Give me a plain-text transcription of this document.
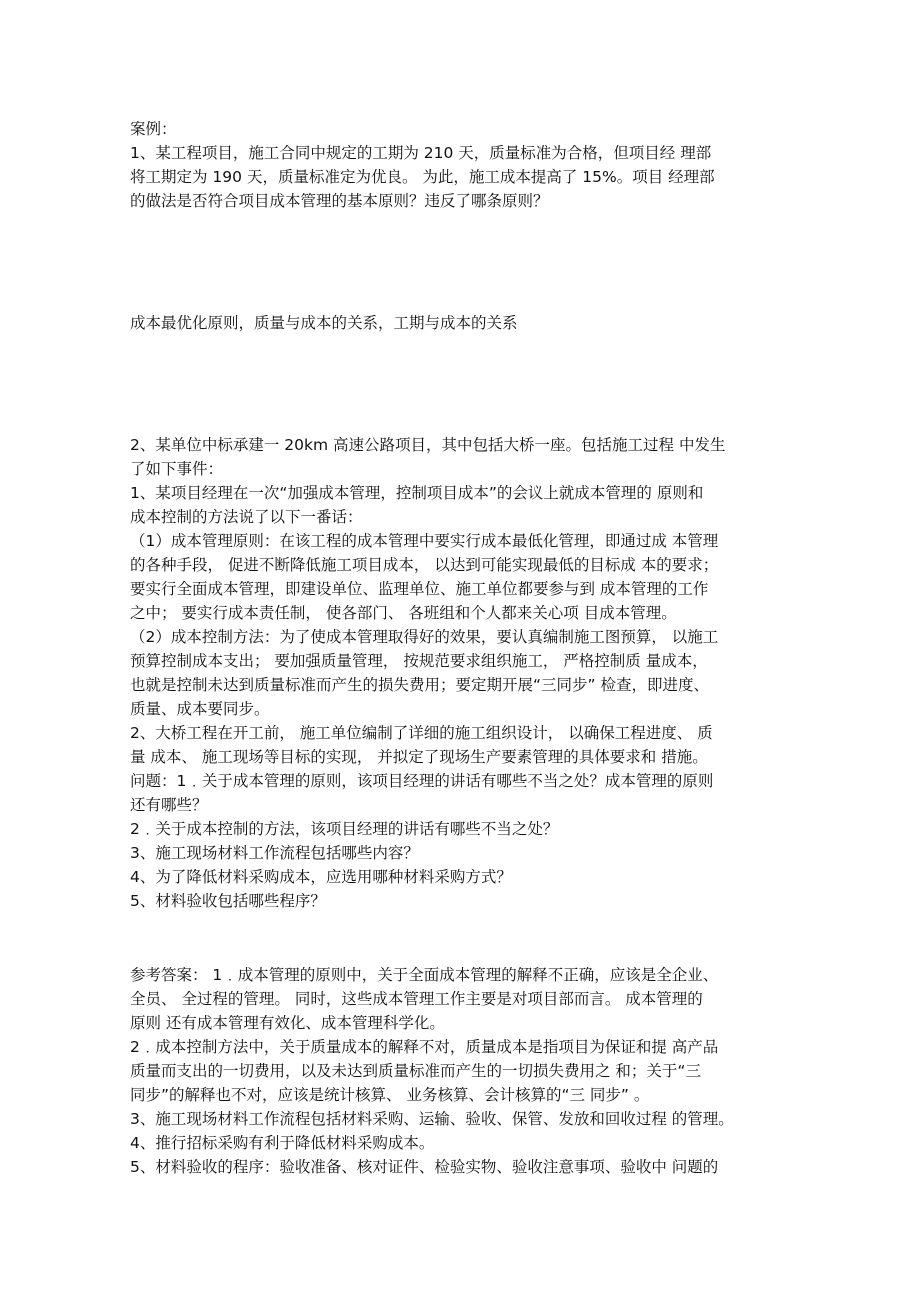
案例：
1、某工程项目，施工合同中规定的工期为 210 天，质量标准为合格，但项目经 理部
将工期定为 190 天，质量标准定为优良。 为此，施工成本提高了 15%。项目 经理部
的做法是否符合项目成本管理的基本原则？违反了哪条原则？
成本最优化原则，质量与成本的关系，工期与成本的关系
2、某单位中标承建一 20km 高速公路项目，其中包括大桥一座。包括施工过程 中发生
了如下事件：
1、某项目经理在一次“加强成本管理，控制项目成本”的会议上就成本管理的 原则和
成本控制的方法说了以下一番话：
（1）成本管理原则：在该工程的成本管理中要实行成本最低化管理，即通过成 本管理
的各种手段， 促进不断降低施工项目成本， 以达到可能实现最低的目标成 本的要求；
要实行全面成本管理，即建设单位、监理单位、施工单位都要参与到 成本管理的工作
之中； 要实行成本责任制， 使各部门、 各班组和个人都来关心项 目成本管理。
（2）成本控制方法：为了使成本管理取得好的效果，要认真编制施工图预算， 以施工
预算控制成本支出； 要加强质量管理， 按规范要求组织施工， 严格控制质 量成本，
也就是控制未达到质量标准而产生的损失费用；要定期开展“三同步” 检查，即进度、
质量、成本要同步。
2、大桥工程在开工前， 施工单位编制了详细的施工组织设计， 以确保工程进度、 质
量 成本、 施工现场等目标的实现， 并拟定了现场生产要素管理的具体要求和 措施。
问题：1﹒关于成本管理的原则，该项目经理的讲话有哪些不当之处？成本管理的原则
还有哪些？
2﹒关于成本控制的方法，该项目经理的讲话有哪些不当之处？
3、施工现场材料工作流程包括哪些内容？
4、为了降低材料采购成本，应选用哪种材料采购方式？
5、材料验收包括哪些程序？
参考答案： 1﹒成本管理的原则中，关于全面成本管理的解释不正确，应该是全企业、
全员、 全过程的管理。 同时，这些成本管理工作主要是对项目部而言。 成本管理的
原则 还有成本管理有效化、成本管理科学化。
2﹒成本控制方法中，关于质量成本的解释不对，质量成本是指项目为保证和提 高产品
质量而支出的一切费用，以及未达到质量标准而产生的一切损失费用之 和；关于“三
同步”的解释也不对，应该是统计核算、 业务核算、会计核算的“三 同步” 。
3、施工现场材料工作流程包括材料采购、运输、验收、保管、发放和回收过程 的管理。
4、推行招标采购有利于降低材料采购成本。
5、材料验收的程序：验收准备、核对证件、检验实物、验收注意事项、验收中 问题的
